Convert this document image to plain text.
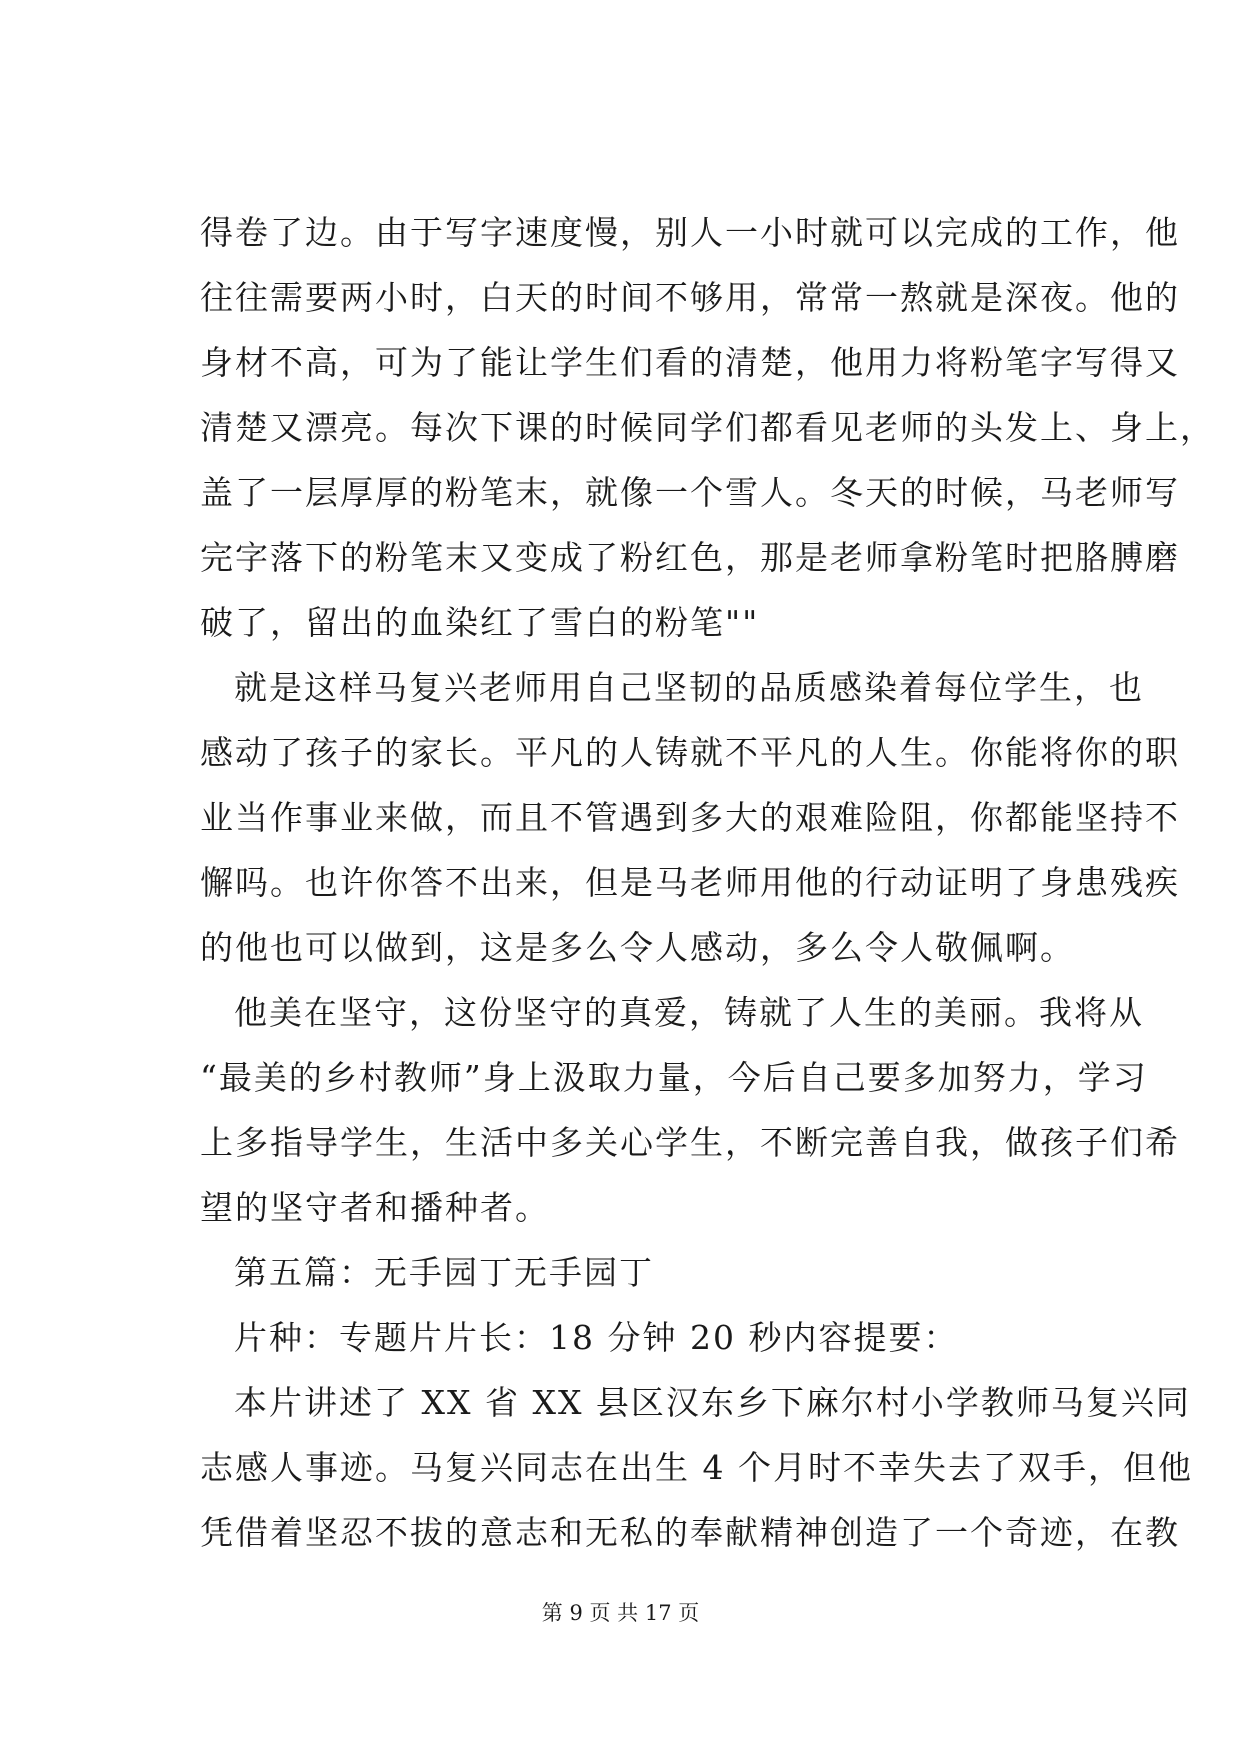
得卷了边。由于写字速度慢，别人一小时就可以完成的工作，他
往往需要两小时，白天的时间不够用，常常一熬就是深夜。他的
身材不高，可为了能让学生们看的清楚，他用力将粉笔字写得又
清楚又漂亮。每次下课的时候同学们都看见老师的头发上、身上，
盖了一层厚厚的粉笔末，就像一个雪人。冬天的时候，马老师写
完字落下的粉笔末又变成了粉红色，那是老师拿粉笔时把胳膊磨
破了，留出的血染红了雪白的粉笔""
就是这样马复兴老师用自己坚韧的品质感染着每位学生，也
感动了孩子的家长。平凡的人铸就不平凡的人生。你能将你的职
业当作事业来做，而且不管遇到多大的艰难险阻，你都能坚持不
懈吗。也许你答不出来，但是马老师用他的行动证明了身患残疾
的他也可以做到，这是多么令人感动，多么令人敬佩啊。
他美在坚守，这份坚守的真爱，铸就了人生的美丽。我将从
“最美的乡村教师”身上汲取力量，今后自己要多加努力，学习
上多指导学生，生活中多关心学生，不断完善自我，做孩子们希
望的坚守者和播种者。
第五篇：无手园丁无手园丁
片种：专题片片长：18 分钟 20 秒内容提要：
本片讲述了 XX 省 XX 县区汉东乡下麻尔村小学教师马复兴同
志感人事迹。马复兴同志在出生 4 个月时不幸失去了双手，但他
凭借着坚忍不拔的意志和无私的奉献精神创造了一个奇迹，在教
第 9 页 共 17 页
